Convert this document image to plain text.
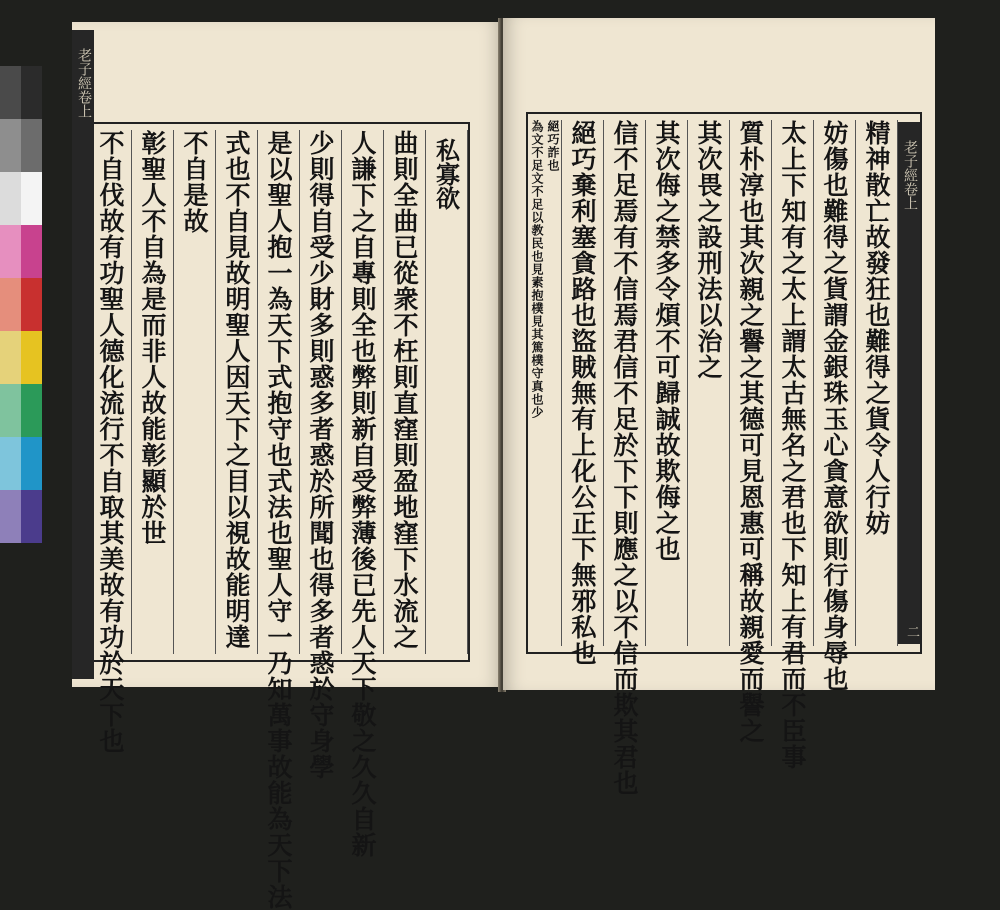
私寡欲
曲則全曲已從衆不枉則直窪則盈地窪下水流之
人謙下之自專則全也弊則新自受弊薄後已先人天下敬之久久自新
少則得自受少財多則惑多者惑於所聞也得多者惑於守身學
是以聖人抱一為天下式抱守也式法也聖人守一乃知萬事故能為天下法
式也不自見故明聖人因天下之目以視故能明達
不自是故
彰聖人不自為是而非人故能彰顯於世
不自伐故有功聖人德化流行不自取其美故有功於天下也
老子經卷上
老子經卷上
二
精神散亡故發狂也難得之貨令人行妨
妨傷也難得之貨謂金銀珠玉心貪意欲則行傷身辱也
太上下知有之太上謂太古無名之君也下知上有君而不臣事
質朴淳也其次親之譽之其德可見恩惠可稱故親愛而譽之
其次畏之設刑法以治之
其次侮之禁多令煩不可歸誠故欺侮之也
信不足焉有不信焉君信不足於下下則應之以不信而欺其君也
絕巧棄利塞貪路也盜賊無有上化公正下無邪私也
絕巧詐也
為文不足文不足以教民也見素抱樸見其篤樸守真也少
